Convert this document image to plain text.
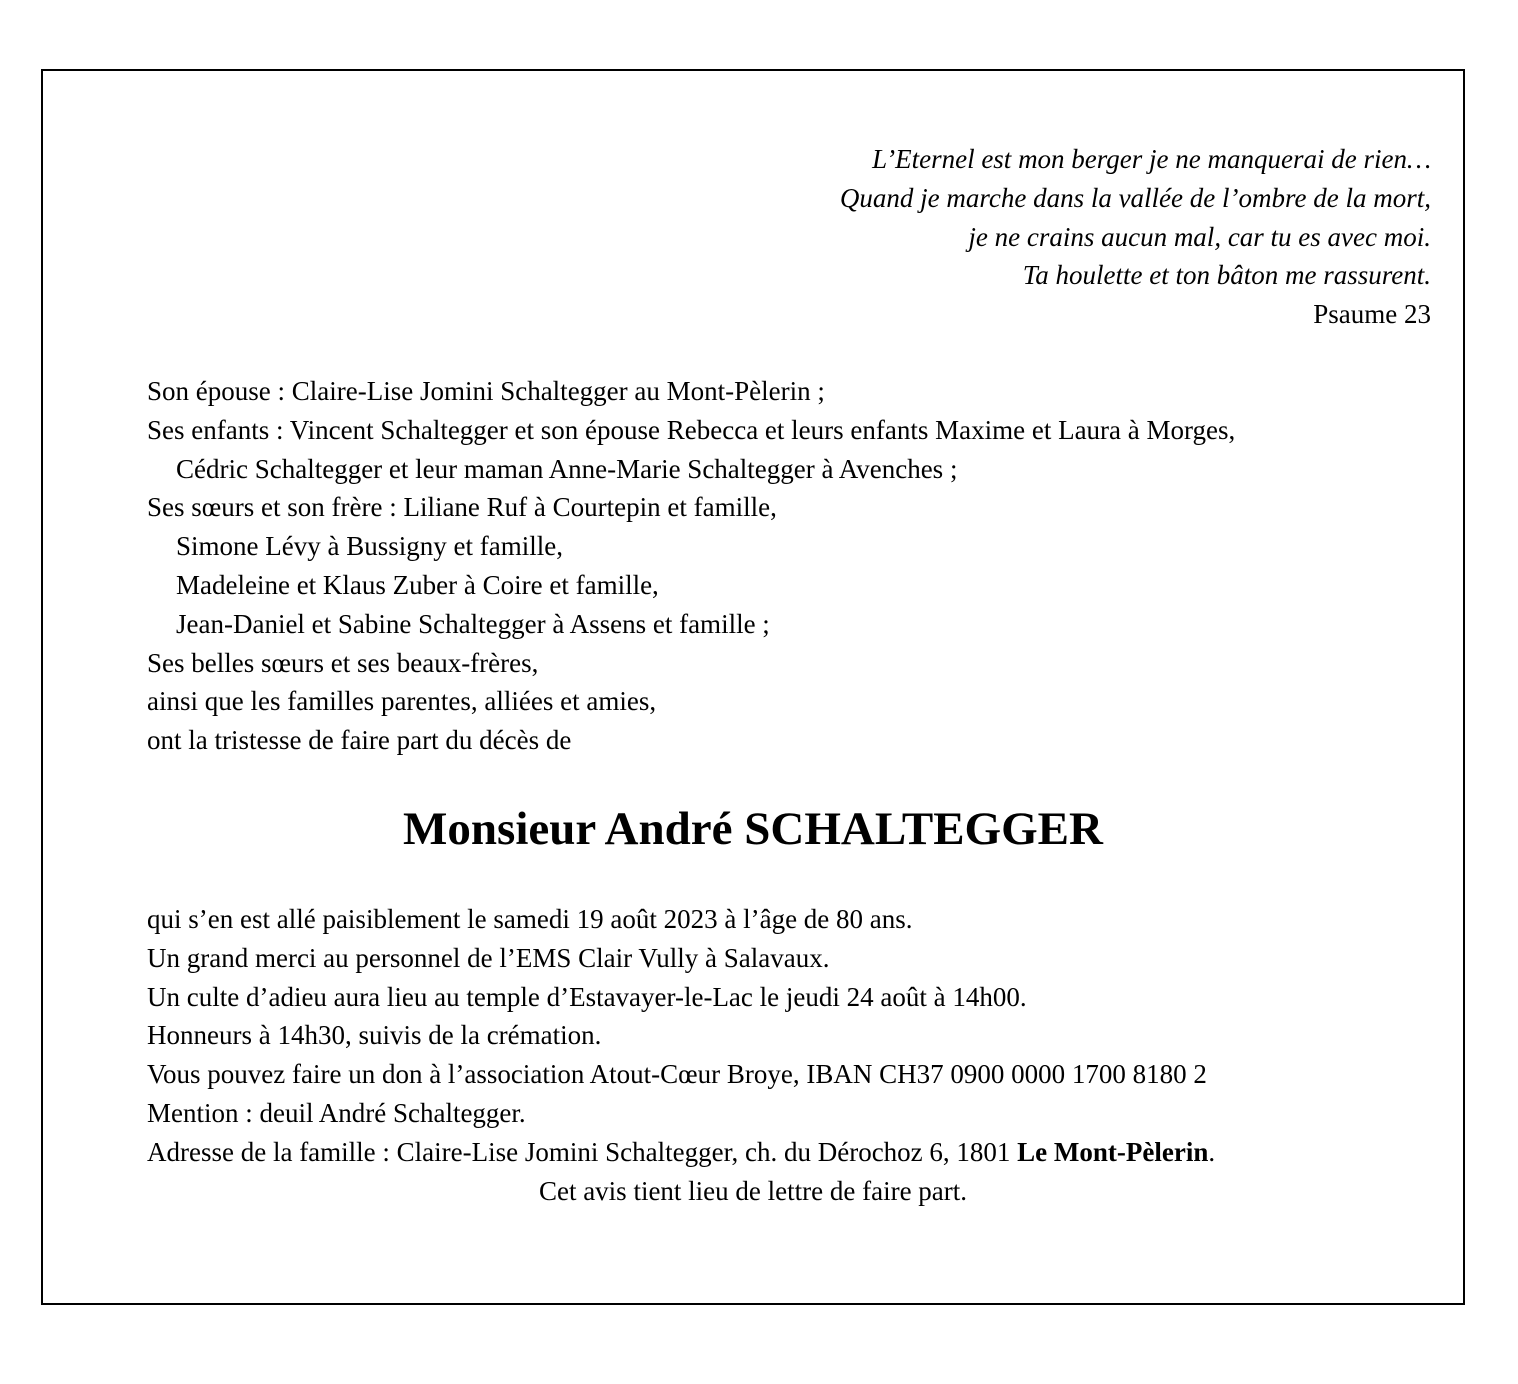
L’Eternel est mon berger je ne manquerai de rien…
Quand je marche dans la vallée de l’ombre de la mort,
je ne crains aucun mal, car tu es avec moi.
Ta houlette et ton bâton me rassurent.
Psaume 23
Son épouse : Claire-Lise Jomini Schaltegger au Mont-Pèlerin ;
Ses enfants : Vincent Schaltegger et son épouse Rebecca et leurs enfants Maxime et Laura à Morges,
Cédric Schaltegger et leur maman Anne-Marie Schaltegger à Avenches ;
Ses sœurs et son frère : Liliane Ruf à Courtepin et famille,
Simone Lévy à Bussigny et famille,
Madeleine et Klaus Zuber à Coire et famille,
Jean-Daniel et Sabine Schaltegger à Assens et famille ;
Ses belles sœurs et ses beaux-frères,
ainsi que les familles parentes, alliées et amies,
ont la tristesse de faire part du décès de
Monsieur André SCHALTEGGER
qui s’en est allé paisiblement le samedi 19 août 2023 à l’âge de 80 ans.
Un grand merci au personnel de l’EMS Clair Vully à Salavaux.
Un culte d’adieu aura lieu au temple d’Estavayer-le-Lac le jeudi 24 août à 14h00.
Honneurs à 14h30, suivis de la crémation.
Vous pouvez faire un don à l’association Atout-Cœur Broye, IBAN CH37 0900 0000 1700 8180 2
Mention : deuil André Schaltegger.
Adresse de la famille : Claire-Lise Jomini Schaltegger, ch. du Dérochoz 6, 1801 Le Mont-Pèlerin.
Cet avis tient lieu de lettre de faire part.
